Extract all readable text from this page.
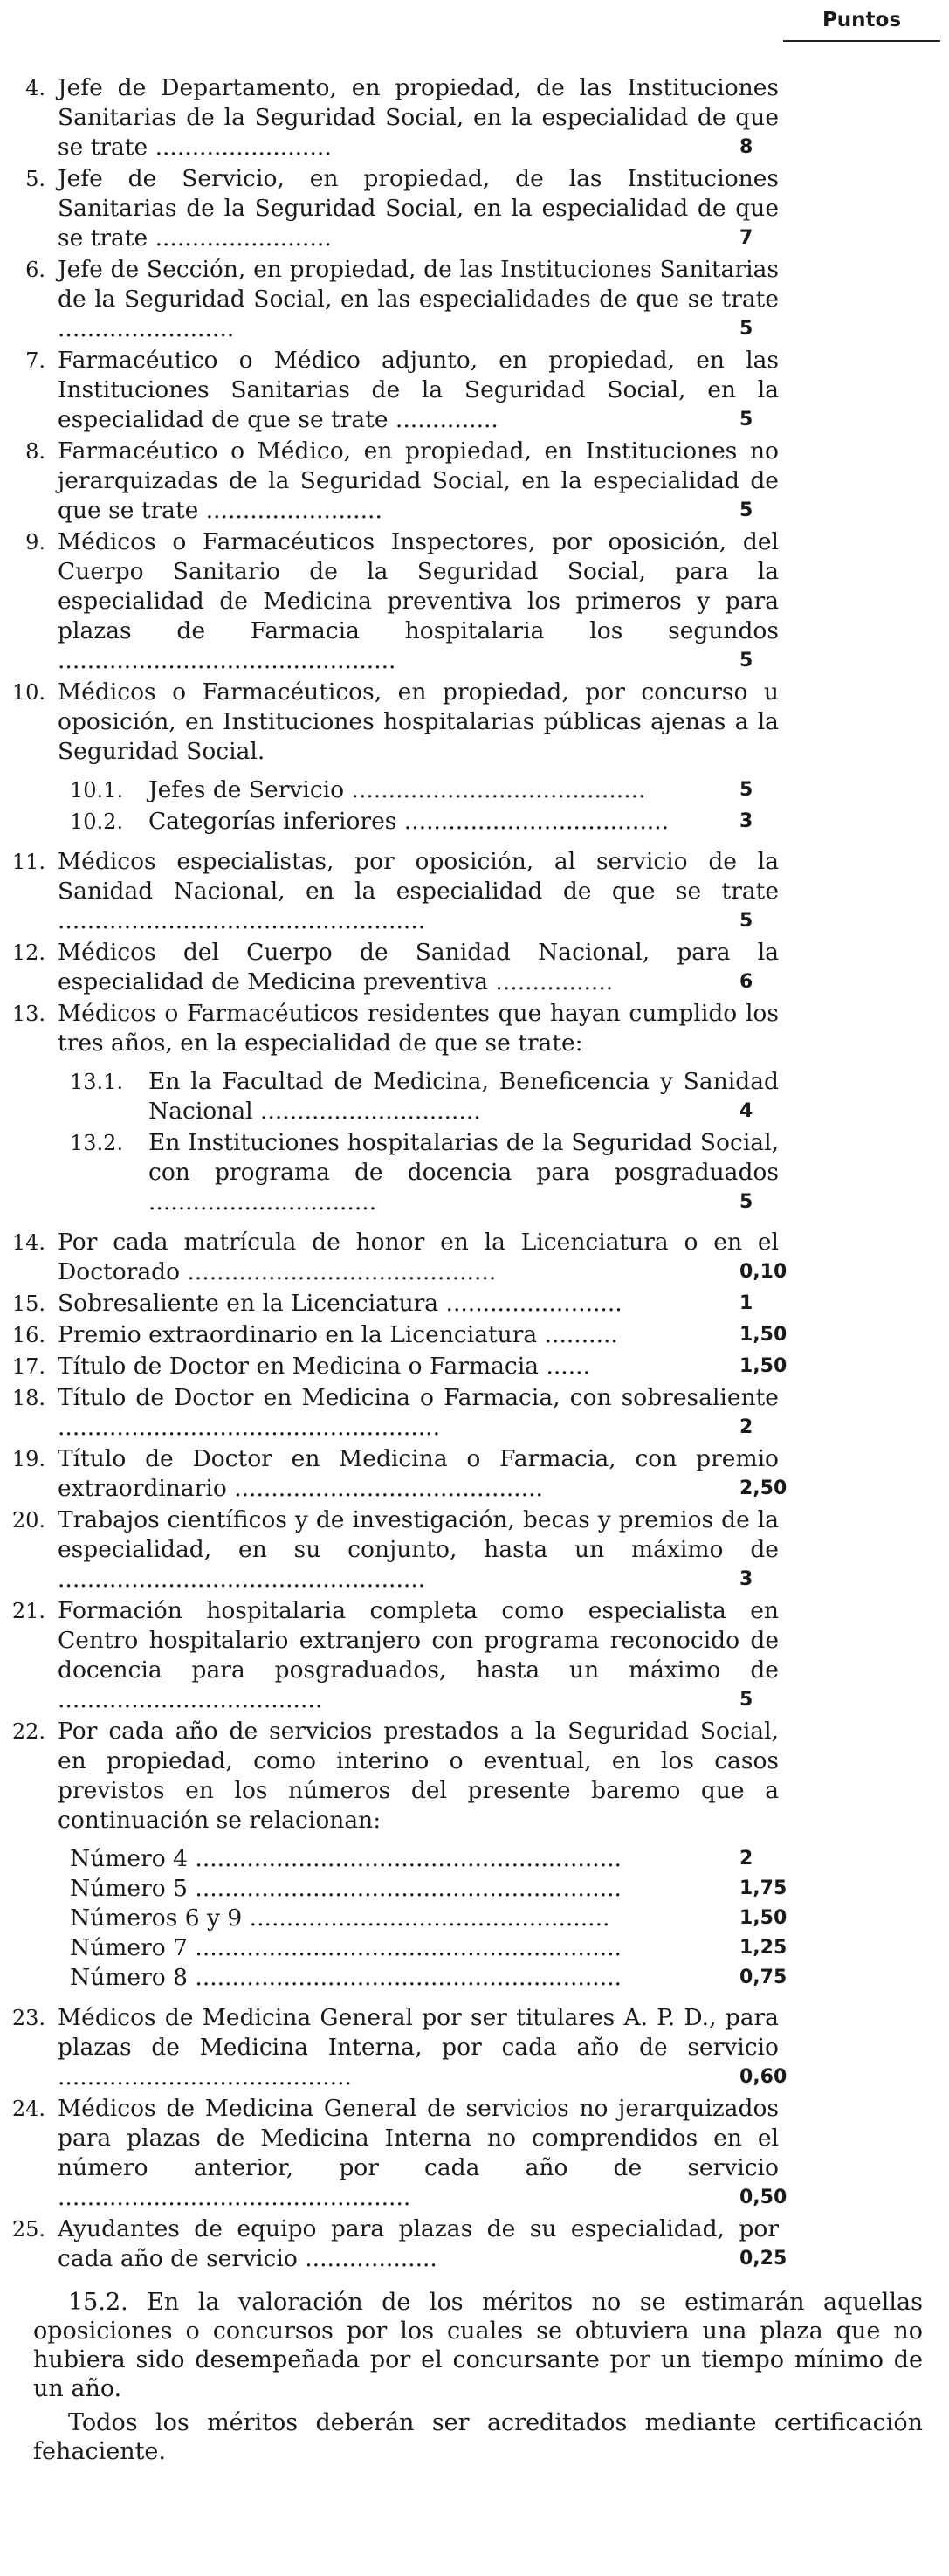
Puntos
4. Jefe de Departamento, en propiedad, de las Instituciones Sanitarias de la Seguridad Social, en la especialidad de que se trate ........................	8
5. Jefe de Servicio, en propiedad, de las Instituciones Sanitarias de la Seguridad Social, en la especialidad de que se trate ........................	7
6. Jefe de Sección, en propiedad, de las Instituciones Sanitarias de la Seguridad Social, en las especialidades de que se trate ........................	5
7. Farmacéutico o Médico adjunto, en propiedad, en las Instituciones Sanitarias de la Seguridad Social, en la especialidad de que se trate ..............	5
8. Farmacéutico o Médico, en propiedad, en Instituciones no jerarquizadas de la Seguridad Social, en la especialidad de que se trate ........................	5
9. Médicos o Farmacéuticos Inspectores, por oposición, del Cuerpo Sanitario de la Seguridad Social, para la especialidad de Medicina preventiva los primeros y para plazas de Farmacia hospitalaria los segundos ..............................................	5
10. Médicos o Farmacéuticos, en propiedad, por concurso u oposición, en Instituciones hospitalarias públicas ajenas a la Seguridad Social.
10.1. Jefes de Servicio ........................................	5
10.2. Categorías inferiores ....................................	3
11. Médicos especialistas, por oposición, al servicio de la Sanidad Nacional, en la especialidad de que se trate ..................................................	5
12. Médicos del Cuerpo de Sanidad Nacional, para la especialidad de Medicina preventiva ................	6
13. Médicos o Farmacéuticos residentes que hayan cumplido los tres años, en la especialidad de que se trate:
13.1. En la Facultad de Medicina, Beneficencia y Sanidad Nacional ..............................	4
13.2. En Instituciones hospitalarias de la Seguridad Social, con programa de docencia para posgraduados ...............................	5
14. Por cada matrícula de honor en la Licenciatura o en el Doctorado ..........................................	0,10
15. Sobresaliente en la Licenciatura ........................	1
16. Premio extraordinario en la Licenciatura ..........	1,50
17. Título de Doctor en Medicina o Farmacia ......	1,50
18. Título de Doctor en Medicina o Farmacia, con sobresaliente ....................................................	2
19. Título de Doctor en Medicina o Farmacia, con premio extraordinario ..........................................	2,50
20. Trabajos científicos y de investigación, becas y premios de la especialidad, en su conjunto, hasta un máximo de ..................................................	3
21. Formación hospitalaria completa como especialista en Centro hospitalario extranjero con programa reconocido de docencia para posgraduados, hasta un máximo de ....................................	5
22. Por cada año de servicios prestados a la Seguridad Social, en propiedad, como interino o eventual, en los casos previstos en los números del presente baremo que a continuación se relacionan:
Número 4 ..........................................................	2
Número 5 ..........................................................	1,75
Números 6 y 9 .................................................	1,50
Número 7 ..........................................................	1,25
Número 8 ..........................................................	0,75
23. Médicos de Medicina General por ser titulares A. P. D., para plazas de Medicina Interna, por cada año de servicio ........................................	0,60
24. Médicos de Medicina General de servicios no jerarquizados para plazas de Medicina Interna no comprendidos en el número anterior, por cada año de servicio ................................................	0,50
25. Ayudantes de equipo para plazas de su especialidad, por cada año de servicio ..................	0,25

15.2. En la valoración de los méritos no se estimarán aquellas oposiciones o concursos por los cuales se obtuviera una plaza que no hubiera sido desempeñada por el concursante por un tiempo mínimo de un año.

Todos los méritos deberán ser acreditados mediante certificación fehaciente.
